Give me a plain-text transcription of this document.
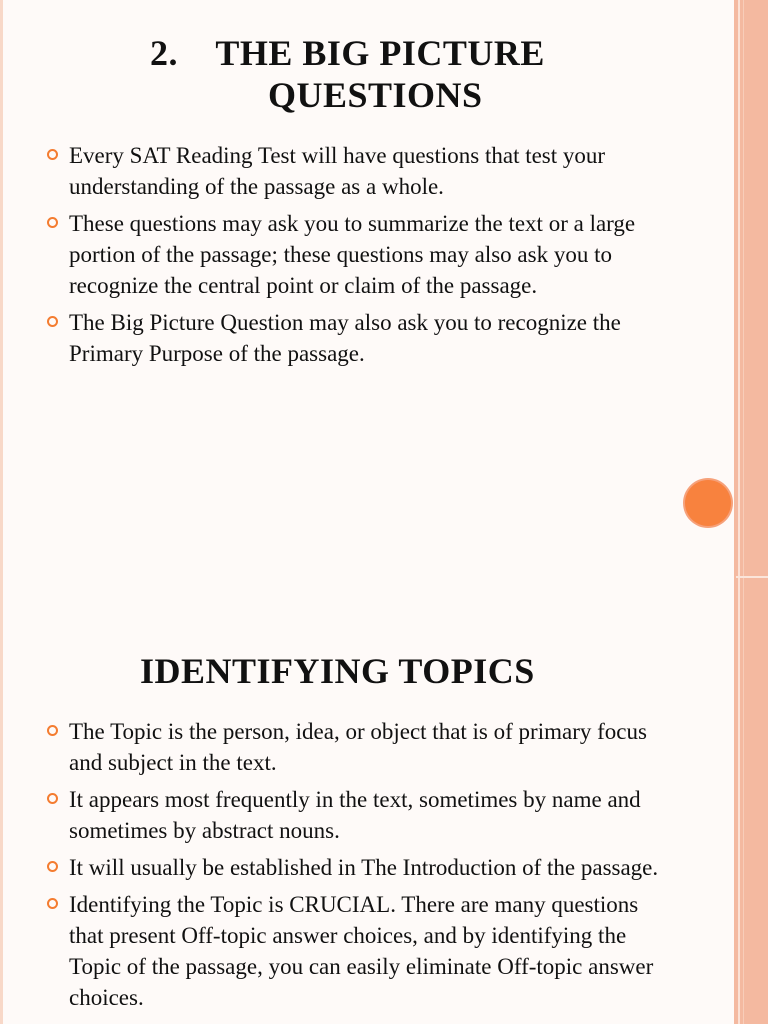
2.    THE BIG PICTURE
QUESTIONS
Every SAT Reading Test will have questions that test your understanding of the passage as a whole.
These questions may ask you to summarize the text or a large portion of the passage; these questions may also ask you to recognize the central point or claim of the passage.
The Big Picture Question may also ask you to recognize the Primary Purpose of the passage.
IDENTIFYING TOPICS
The Topic is the person, idea, or object that is of primary focus and subject in the text.
It appears most frequently in the text, sometimes by name and sometimes by abstract nouns.
It will usually be established in The Introduction of the passage.
Identifying the Topic is CRUCIAL. There are many questions that present Off-topic answer choices, and by identifying the Topic of the passage, you can easily eliminate Off-topic answer choices.
